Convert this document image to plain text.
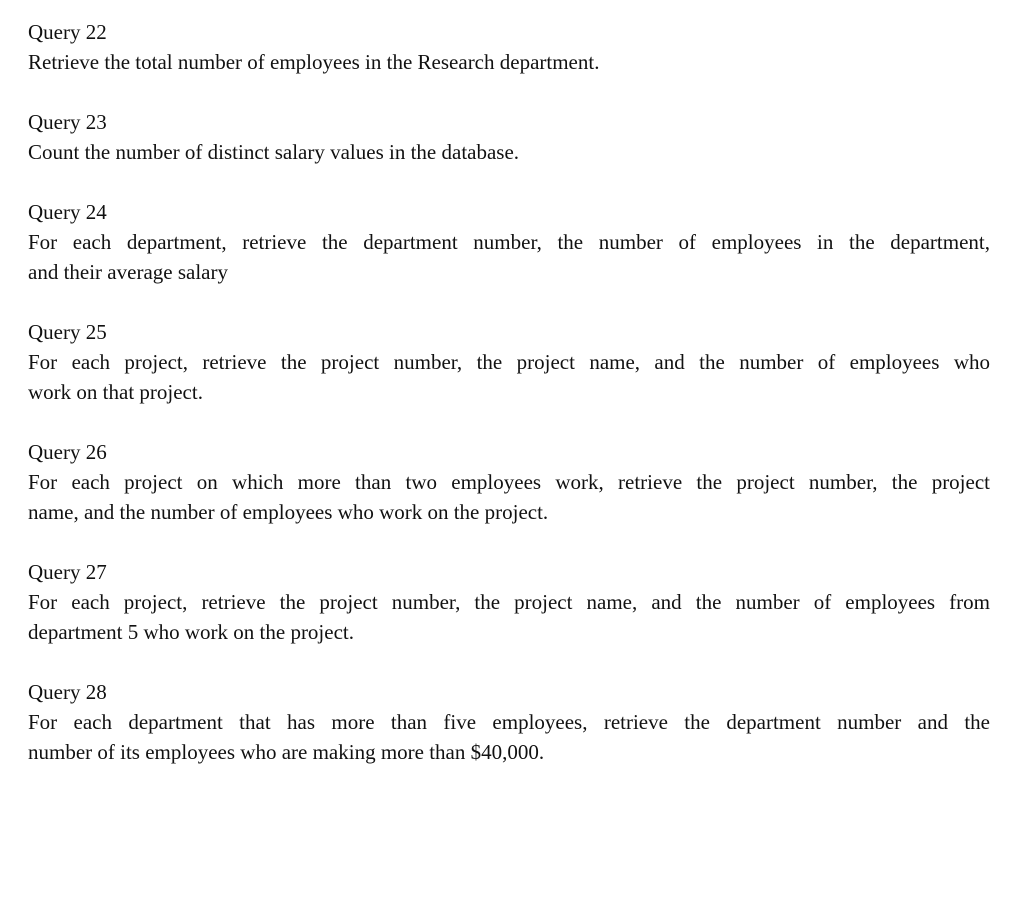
Query 22

Retrieve the total number of employees in the Research department.

Query 23

Count the number of distinct salary values in the database.

Query 24

For each department, retrieve the department number, the number of employees in the department,
and their average salary

Query 25

For each project, retrieve the project number, the project name, and the number of employees who
work on that project.

Query 26

For each project on which more than two employees work, retrieve the project number, the project
name, and the number of employees who work on the project.

Query 27

For each project, retrieve the project number, the project name, and the number of employees from
department 5 who work on the project.

Query 28

For each department that has more than five employees, retrieve the department number and the
number of its employees who are making more than $40,000.
